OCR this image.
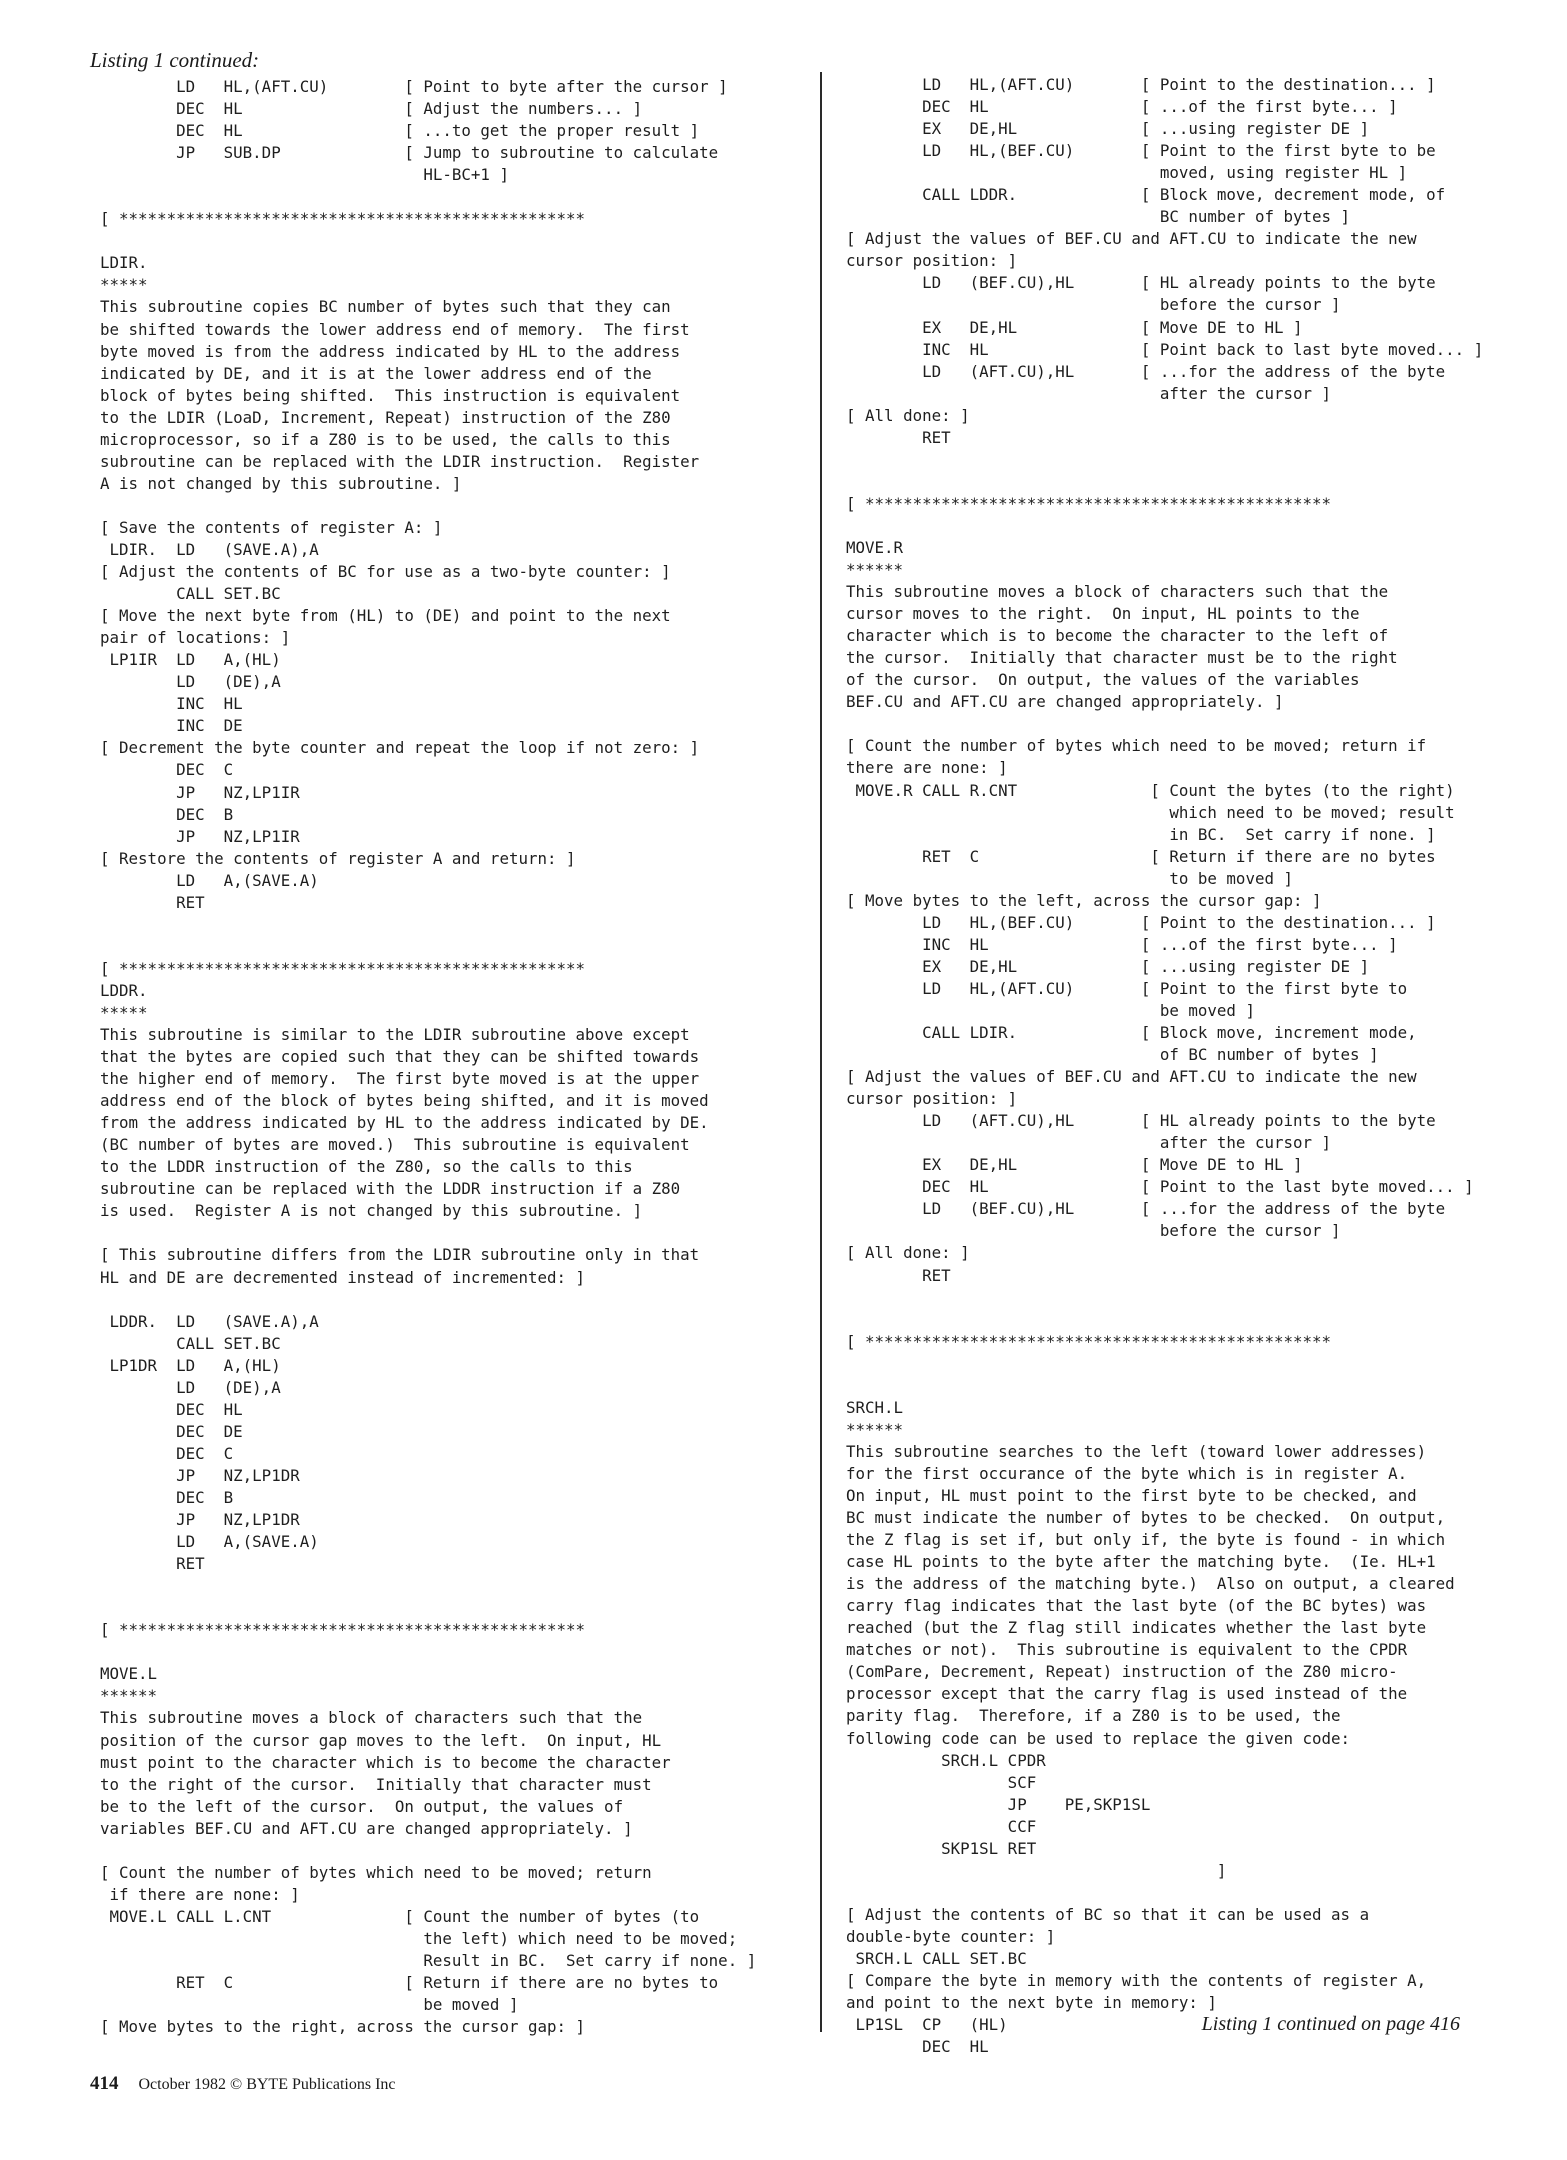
Listing 1 continued:
LD   HL,(AFT.CU)        [ Point to byte after the cursor ]
DEC  HL                 [ Adjust the numbers... ]
DEC  HL                 [ ...to get the proper result ]
JP   SUB.DP             [ Jump to subroutine to calculate
HL-BC+1 ]
[ *************************************************
LDIR.
*****
This subroutine copies BC number of bytes such that they can
be shifted towards the lower address end of memory.  The first
byte moved is from the address indicated by HL to the address
indicated by DE, and it is at the lower address end of the
block of bytes being shifted.  This instruction is equivalent
to the LDIR (LoaD, Increment, Repeat) instruction of the Z80
microprocessor, so if a Z80 is to be used, the calls to this
subroutine can be replaced with the LDIR instruction.  Register
A is not changed by this subroutine. ]
[ Save the contents of register A: ]
LDIR.  LD   (SAVE.A),A
[ Adjust the contents of BC for use as a two-byte counter: ]
CALL SET.BC
[ Move the next byte from (HL) to (DE) and point to the next
pair of locations: ]
LP1IR  LD   A,(HL)
LD   (DE),A
INC  HL
INC  DE
[ Decrement the byte counter and repeat the loop if not zero: ]
DEC  C
JP   NZ,LP1IR
DEC  B
JP   NZ,LP1IR
[ Restore the contents of register A and return: ]
LD   A,(SAVE.A)
RET
[ *************************************************
LDDR.
*****
This subroutine is similar to the LDIR subroutine above except
that the bytes are copied such that they can be shifted towards
the higher end of memory.  The first byte moved is at the upper
address end of the block of bytes being shifted, and it is moved
from the address indicated by HL to the address indicated by DE.
(BC number of bytes are moved.)  This subroutine is equivalent
to the LDDR instruction of the Z80, so the calls to this
subroutine can be replaced with the LDDR instruction if a Z80
is used.  Register A is not changed by this subroutine. ]
[ This subroutine differs from the LDIR subroutine only in that
HL and DE are decremented instead of incremented: ]
LDDR.  LD   (SAVE.A),A
CALL SET.BC
LP1DR  LD   A,(HL)
LD   (DE),A
DEC  HL
DEC  DE
DEC  C
JP   NZ,LP1DR
DEC  B
JP   NZ,LP1DR
LD   A,(SAVE.A)
RET
[ *************************************************
MOVE.L
******
This subroutine moves a block of characters such that the
position of the cursor gap moves to the left.  On input, HL
must point to the character which is to become the character
to the right of the cursor.  Initially that character must
be to the left of the cursor.  On output, the values of
variables BEF.CU and AFT.CU are changed appropriately. ]
[ Count the number of bytes which need to be moved; return
if there are none: ]
MOVE.L CALL L.CNT              [ Count the number of bytes (to
the left) which need to be moved;
Result in BC.  Set carry if none. ]
RET  C                  [ Return if there are no bytes to
be moved ]
[ Move bytes to the right, across the cursor gap: ]
LD   HL,(AFT.CU)       [ Point to the destination... ]
DEC  HL                [ ...of the first byte... ]
EX   DE,HL             [ ...using register DE ]
LD   HL,(BEF.CU)       [ Point to the first byte to be
moved, using register HL ]
CALL LDDR.             [ Block move, decrement mode, of
BC number of bytes ]
[ Adjust the values of BEF.CU and AFT.CU to indicate the new
cursor position: ]
LD   (BEF.CU),HL       [ HL already points to the byte
before the cursor ]
EX   DE,HL             [ Move DE to HL ]
INC  HL                [ Point back to last byte moved... ]
LD   (AFT.CU),HL       [ ...for the address of the byte
after the cursor ]
[ All done: ]
RET
[ *************************************************
MOVE.R
******
This subroutine moves a block of characters such that the
cursor moves to the right.  On input, HL points to the
character which is to become the character to the left of
the cursor.  Initially that character must be to the right
of the cursor.  On output, the values of the variables
BEF.CU and AFT.CU are changed appropriately. ]
[ Count the number of bytes which need to be moved; return if
there are none: ]
MOVE.R CALL R.CNT              [ Count the bytes (to the right)
which need to be moved; result
in BC.  Set carry if none. ]
RET  C                  [ Return if there are no bytes
to be moved ]
[ Move bytes to the left, across the cursor gap: ]
LD   HL,(BEF.CU)       [ Point to the destination... ]
INC  HL                [ ...of the first byte... ]
EX   DE,HL             [ ...using register DE ]
LD   HL,(AFT.CU)       [ Point to the first byte to
be moved ]
CALL LDIR.             [ Block move, increment mode,
of BC number of bytes ]
[ Adjust the values of BEF.CU and AFT.CU to indicate the new
cursor position: ]
LD   (AFT.CU),HL       [ HL already points to the byte
after the cursor ]
EX   DE,HL             [ Move DE to HL ]
DEC  HL                [ Point to the last byte moved... ]
LD   (BEF.CU),HL       [ ...for the address of the byte
before the cursor ]
[ All done: ]
RET
[ *************************************************
SRCH.L
******
This subroutine searches to the left (toward lower addresses)
for the first occurance of the byte which is in register A.
On input, HL must point to the first byte to be checked, and
BC must indicate the number of bytes to be checked.  On output,
the Z flag is set if, but only if, the byte is found - in which
case HL points to the byte after the matching byte.  (Ie. HL+1
is the address of the matching byte.)  Also on output, a cleared
carry flag indicates that the last byte (of the BC bytes) was
reached (but the Z flag still indicates whether the last byte
matches or not).  This subroutine is equivalent to the CPDR
(ComPare, Decrement, Repeat) instruction of the Z80 micro-
processor except that the carry flag is used instead of the
parity flag.  Therefore, if a Z80 is to be used, the
following code can be used to replace the given code:
SRCH.L CPDR
SCF
JP    PE,SKP1SL
CCF
SKP1SL RET
]
[ Adjust the contents of BC so that it can be used as a
double-byte counter: ]
SRCH.L CALL SET.BC
[ Compare the byte in memory with the contents of register A,
and point to the next byte in memory: ]
LP1SL  CP   (HL)
DEC  HL
Listing 1 continued on page 416
414 October 1982 © BYTE Publications Inc
